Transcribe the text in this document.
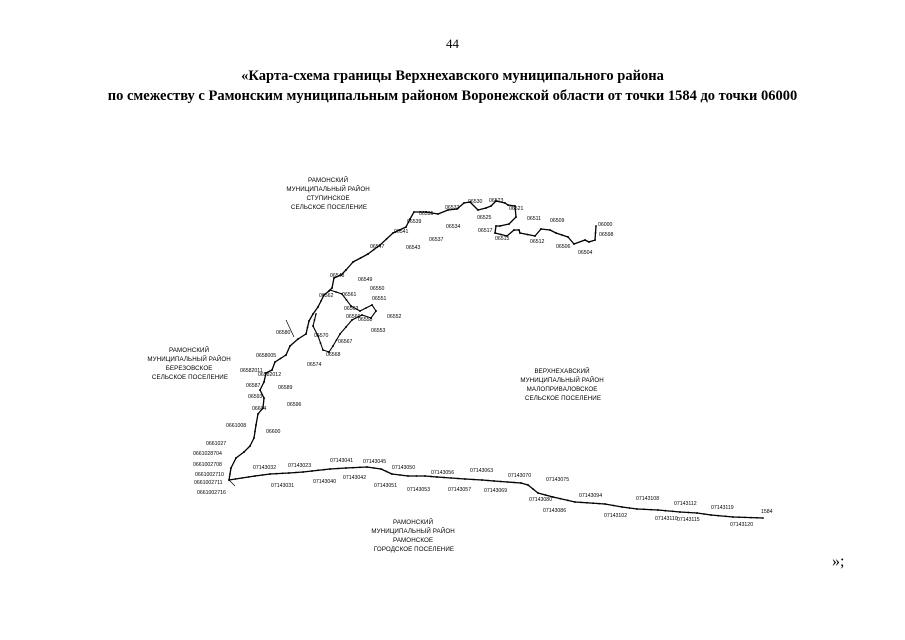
44
«Карта-схема границы Верхнехавского муниципального района
по смежеству с Рамонским муниципальным районом Воронежской области от точки 1584 до точки 06000
РАМОНСКИЙ МУНИЦИПАЛЬНЫЙ РАЙОН СТУПИНСКОЕ СЕЛЬСКОЕ ПОСЕЛЕНИЕ
РАМОНСКИЙ МУНИЦИПАЛЬНЫЙ РАЙОН БЕРЕЗОВСКОЕ СЕЛЬСКОЕ ПОСЕЛЕНИЕ
ВЕРХНЕХАВСКИЙ МУНИЦИПАЛЬНЫЙ РАЙОН МАЛОПРИВАЛОВСКОЕ СЕЛЬСКОЕ ПОСЕЛЕНИЕ
РАМОНСКИЙ МУНИЦИПАЛЬНЫЙ РАЙОН РАМОНСКОЕ ГОРОДСКОЕ ПОСЕЛЕНИЕ
06000
06598
06504
06506
06512
06509
06511
06515
06517
06521
06523
06525
06530
06532
06534
06537
06535
06539
06541
06543
06547
06548
06549
06550
06551
06552
06553
06558
06561
06562
06563
06566
06567
06568
06570
06574
06580
0658005
06582011
06582012
06587	06589
06593
06596
06604
06600
0661008
0661027
0661028704
0661002708
0661002710
0661002711
0661002716
07143032 07143023
07143031
07143040
07143041
07143042
07143045
07143051
07143050
07143053
07143056
07143057
07143063
07143070
07143069
07143075
07143080
07143086
07143094
07143102
07143108
07143110
07143112
07143115
07143119
07143120
1584
»;
